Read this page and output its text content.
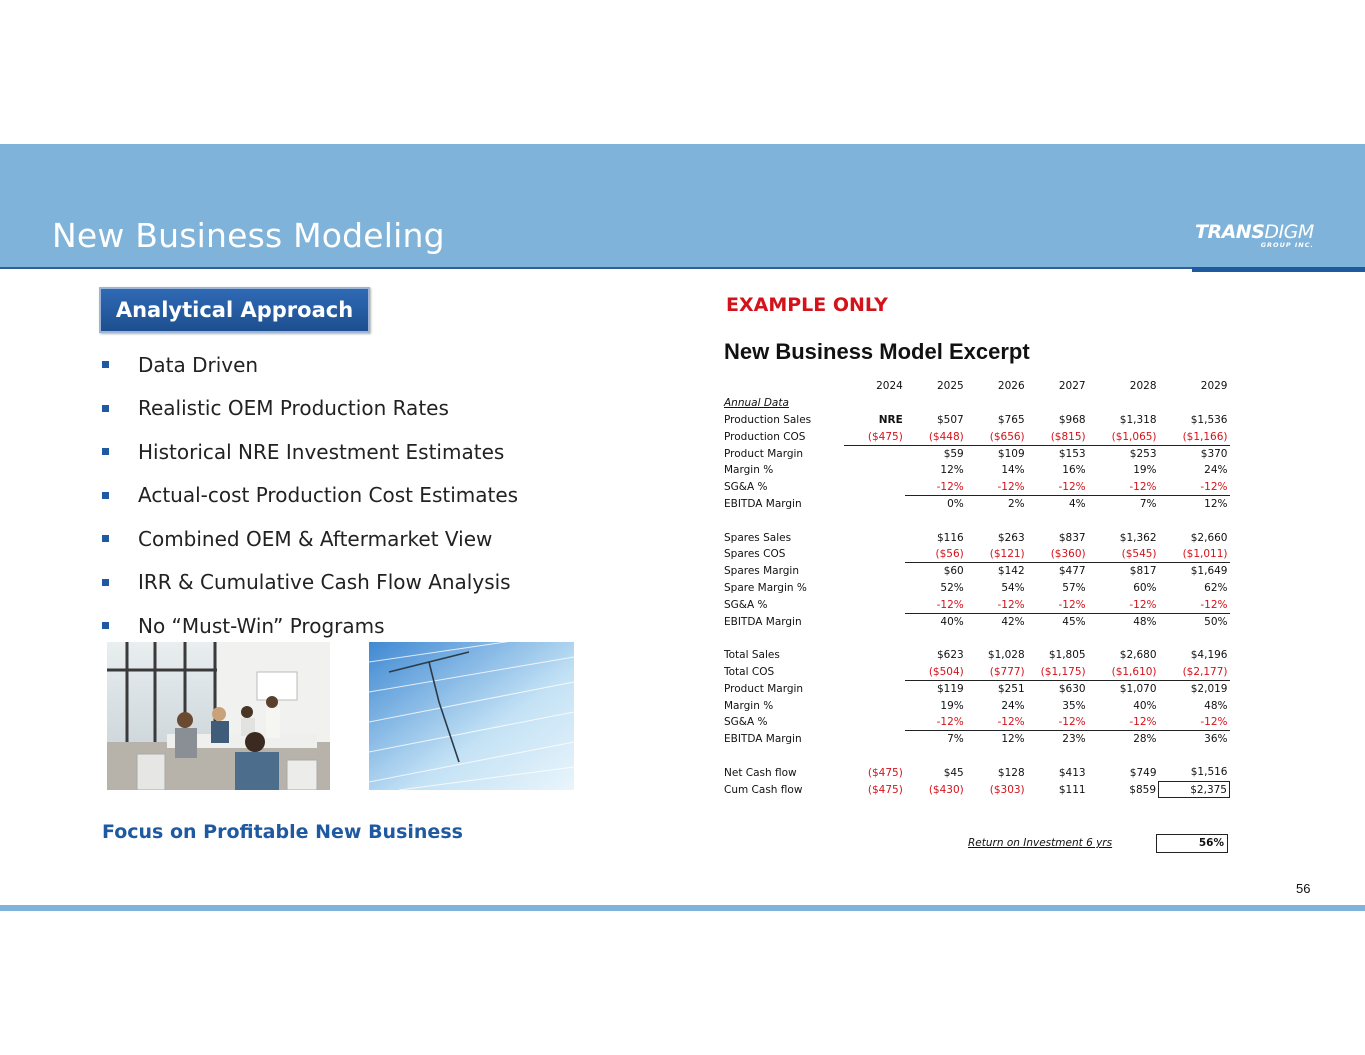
New Business Modeling	TRANSDIGM
GROUP INC.
Analytical Approach
Data Driven
Realistic OEM Production Rates
Historical NRE Investment Estimates
Actual-cost Production Cost Estimates
Combined OEM & Aftermarket View
IRR & Cumulative Cash Flow Analysis
No “Must-Win” Programs
Focus on Profitable New Business
EXAMPLE ONLY
New Business Model Excerpt
	2024	2025	2026	2027	2028	2029
Annual Data						
Production Sales	NRE	$507	$765	$968	$1,318	$1,536
Production COS	($475)	($448)	($656)	($815)	($1,065)	($1,166)
Product Margin		$59	$109	$153	$253	$370
Margin %		12%	14%	16%	19%	24%
SG&A %		-12%	-12%	-12%	-12%	-12%
EBITDA Margin		0%	2%	4%	7%	12%

Spares Sales		$116	$263	$837	$1,362	$2,660
Spares COS		($56)	($121)	($360)	($545)	($1,011)
Spares Margin		$60	$142	$477	$817	$1,649
Spare Margin %		52%	54%	57%	60%	62%
SG&A %		-12%	-12%	-12%	-12%	-12%
EBITDA Margin		40%	42%	45%	48%	50%

Total Sales		$623	$1,028	$1,805	$2,680	$4,196
Total COS		($504)	($777)	($1,175)	($1,610)	($2,177)
Product Margin		$119	$251	$630	$1,070	$2,019
Margin %		19%	24%	35%	40%	48%
SG&A %		-12%	-12%	-12%	-12%	-12%
EBITDA Margin		7%	12%	23%	28%	36%

Net Cash flow	($475)	$45	$128	$413	$749	$1,516
Cum Cash flow	($475)	($430)	($303)	$111	$859	$2,375
Return on Investment 6 yrs	56%
56
